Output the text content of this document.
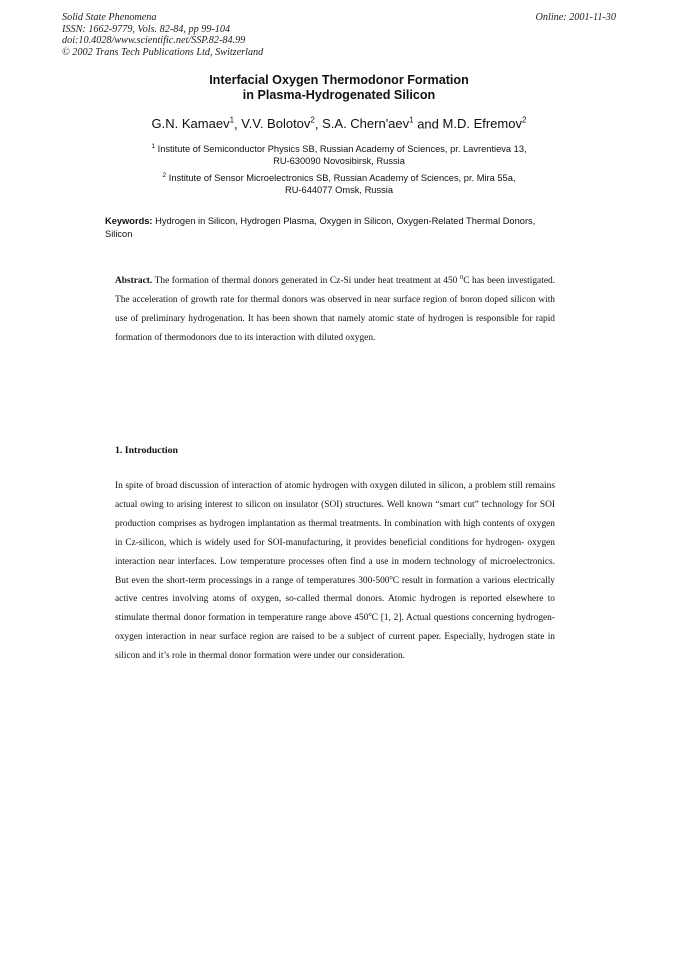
Solid State Phenomena
ISSN: 1662-9779, Vols. 82-84, pp 99-104
doi:10.4028/www.scientific.net/SSP.82-84.99
© 2002 Trans Tech Publications Ltd, Switzerland
Online: 2001-11-30
Interfacial Oxygen Thermodonor Formation
in Plasma-Hydrogenated Silicon
G.N. Kamaev$^1$, V.V. Bolotov$^2$, S.A. Chern'aev$^1$ and M.D. Efremov$^2$
$^1$ Institute of Semiconductor Physics SB, Russian Academy of Sciences, pr. Lavrentieva 13,
RU-630090 Novosibirsk, Russia
$^2$ Institute of Sensor Microelectronics SB, Russian Academy of Sciences, pr. Mira 55a,
RU-644077 Omsk, Russia
Keywords: Hydrogen in Silicon, Hydrogen Plasma, Oxygen in Silicon, Oxygen-Related Thermal Donors, Silicon
Abstract. The formation of thermal donors generated in Cz-Si under heat treatment at 450 $^0$C has been investigated. The acceleration of growth rate for thermal donors was observed in near surface region of boron doped silicon with use of preliminary hydrogenation. It has been shown that namely atomic state of hydrogen is responsible for rapid formation of thermodonors due to its interaction with diluted oxygen.
1. Introduction
In spite of broad discussion of interaction of atomic hydrogen with oxygen diluted in silicon, a problem still remains actual owing to arising interest to silicon on insulator (SOI) structures. Well known “smart cut” technology for SOI production comprises as hydrogen implantation as thermal treatments. In combination with high contents of oxygen in Cz-silicon, which is widely used for SOI-manufacturing, it provides beneficial conditions for hydrogen- oxygen interaction near interfaces. Low temperature processes often find a use in modern technology of microelectronics. But even the short-term processings in a range of temperatures 300-500$^o$C result in formation a various electrically active centres involving atoms of oxygen, so-called thermal donors. Atomic hydrogen is reported elsewhere to stimulate thermal donor formation in temperature range above 450$^o$C [1, 2]. Actual questions concerning hydrogen-oxygen interaction in near surface region are raised to be a subject of current paper. Especially, hydrogen state in silicon and it’s role in thermal donor formation were under our consideration.
